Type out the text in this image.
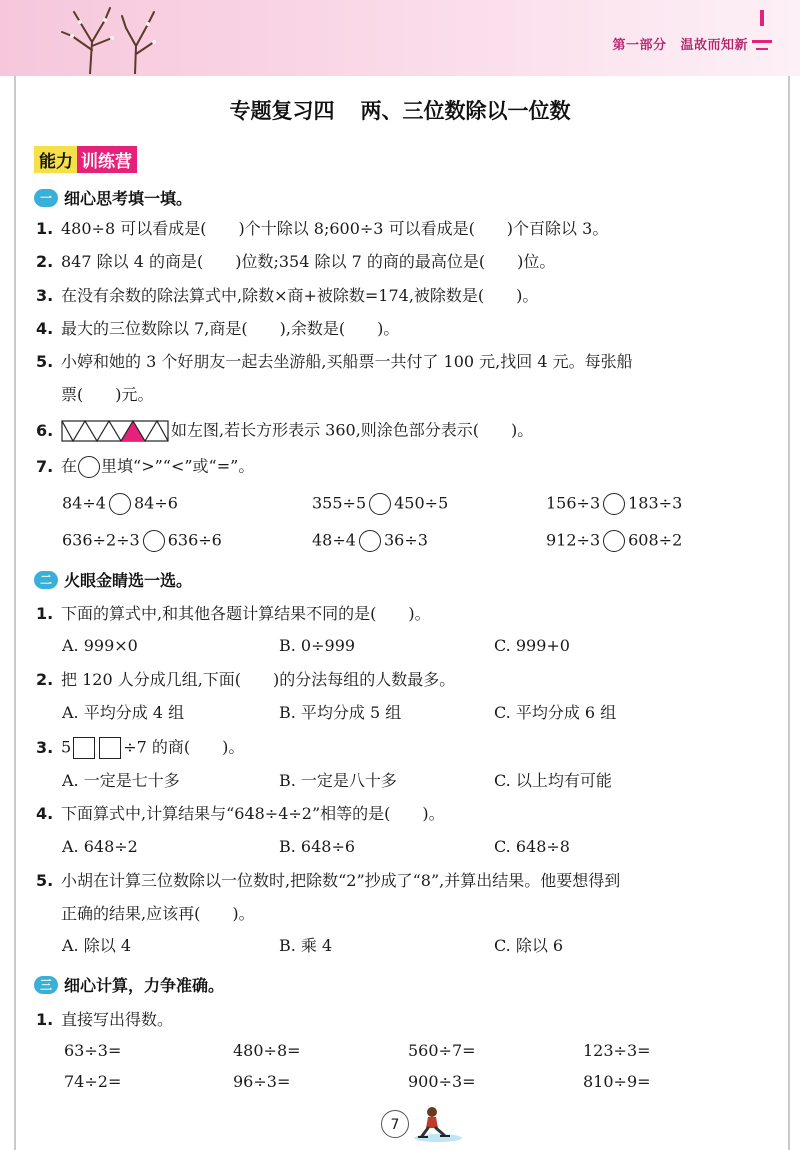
第一部分 温故而知新
专题复习四 两、三位数除以一位数
能力 训练营
一 细心思考填一填。
1. 480÷8 可以看成是(　　)个十除以 8;600÷3 可以看成是(　　)个百除以 3。
2. 847 除以 4 的商是(　　)位数;354 除以 7 的商的最高位是(　　)位。
3. 在没有余数的除法算式中,除数×商+被除数=174,被除数是(　　)。
4. 最大的三位数除以 7,商是(　　),余数是(　　)。
5. 小婷和她的 3 个好朋友一起去坐游船,买船票一共付了 100 元,找回 4 元。每张船
票(　　)元。
6.	如左图,若长方形表示 360,则涂色部分表示(　　)。
7. 在 里填“>”“<”或“=”。
84÷4 84÷6	355÷5 450÷5	156÷3 183÷3
636÷2÷3 636÷6	48÷4 36÷3	912÷3 608÷2
二 火眼金睛选一选。
1. 下面的算式中,和其他各题计算结果不同的是(　　)。
A. 999×0	B. 0÷999	C. 999+0
2. 把 120 人分成几组,下面(　　)的分法每组的人数最多。
A. 平均分成 4 组	B. 平均分成 5 组	C. 平均分成 6 组
3. 5	÷7 的商(　　)。
A. 一定是七十多	B. 一定是八十多	C. 以上均有可能
4. 下面算式中,计算结果与“648÷4÷2”相等的是(　　)。
A. 648÷2	B. 648÷6	C. 648÷8
5. 小胡在计算三位数除以一位数时,把除数“2”抄成了“8”,并算出结果。他要想得到
正确的结果,应该再(　　)。
A. 除以 4	B. 乘 4	C. 除以 6
三 细心计算，力争准确。
1. 直接写出得数。
63÷3=	480÷8=	560÷7=	123÷3=
74÷2=	96÷3=	900÷3=	810÷9=
7
